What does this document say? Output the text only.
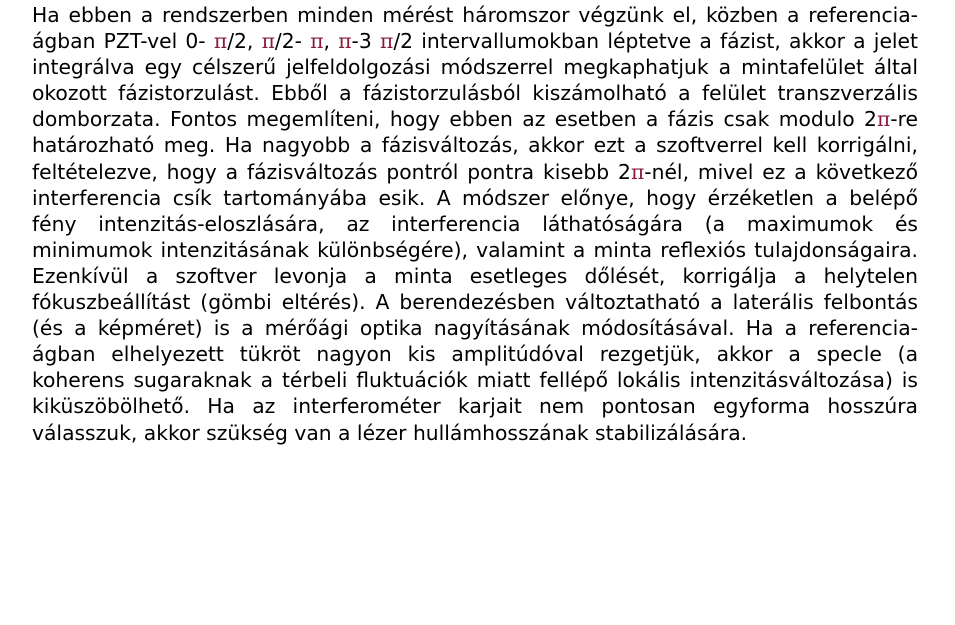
Ha ebben a rendszerben minden mérést háromszor végzünk el, közben a referencia-ágban PZT-vel 0- π/2, π/2- π, π-3 π/2 intervallumokban léptetve a fázist, akkor a jelet integrálva egy célszerű jelfeldolgozási módszerrel megkaphatjuk a mintafelület által okozott fázistorzulást. Ebből a fázistorzulásból kiszámolható a felület transzverzális domborzata. Fontos megemlíteni, hogy ebben az esetben a fázis csak modulo 2π-re határozható meg. Ha nagyobb a fázisváltozás, akkor ezt a szoftverrel kell korrigálni, feltételezve, hogy a fázisváltozás pontról pontra kisebb 2π-nél, mivel ez a következő interferencia csík tartományába esik. A módszer előnye, hogy érzéketlen a belépő fény intenzitás-eloszlására, az interferencia láthatóságára (a maximumok és minimumok intenzitásának különbségére), valamint a minta reflexiós tulajdonságaira. Ezenkívül a szoftver levonja a minta esetleges dőlését, korrigálja a helytelen fókuszbeállítást (gömbi eltérés). A berendezésben változtatható a laterális felbontás (és a képméret) is a mérőági optika nagyításának módosításával. Ha a referencia-ágban elhelyezett tükröt nagyon kis amplitúdóval rezgetjük, akkor a specle (a koherens sugaraknak a térbeli fluktuációk miatt fellépő lokális intenzitásváltozása) is kiküszöbölhető. Ha az interferométer karjait nem pontosan egyforma hosszúra válasszuk, akkor szükség van a lézer hullámhosszának stabilizálására.
